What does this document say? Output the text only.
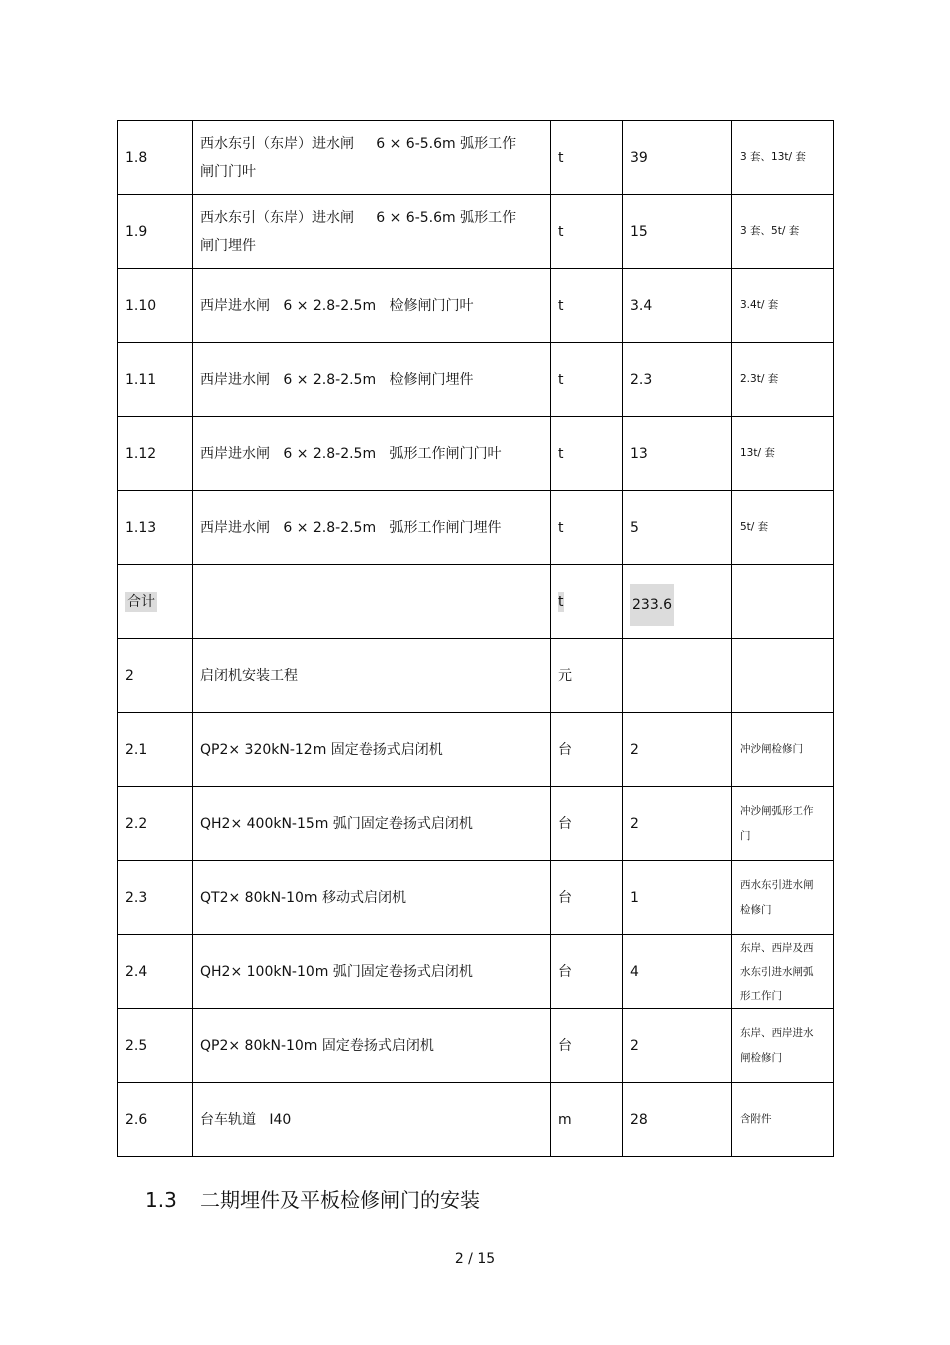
1.8	西水东引（东岸）进水闸     6 × 6-5.6m 弧形工作
闸门门叶	t	39	3 套、13t/ 套
1.9	西水东引（东岸）进水闸     6 × 6-5.6m 弧形工作
闸门埋件	t	15	3 套、5t/ 套
1.10	西岸进水闸   6 × 2.8-2.5m   检修闸门门叶	t	3.4	3.4t/ 套
1.11	西岸进水闸   6 × 2.8-2.5m   检修闸门埋件	t	2.3	2.3t/ 套
1.12	西岸进水闸   6 × 2.8-2.5m   弧形工作闸门门叶	t	13	13t/ 套
1.13	西岸进水闸   6 × 2.8-2.5m   弧形工作闸门埋件	t	5	5t/ 套
合计		t	233.6	
2	启闭机安装工程	元		
2.1	QP2× 320kN-12m 固定卷扬式启闭机	台	2	冲沙闸检修门
2.2	QH2× 400kN-15m 弧门固定卷扬式启闭机	台	2	冲沙闸弧形工作
门

2.3	QT2× 80kN-10m 移动式启闭机	台	1	西水东引进水闸
检修门

2.4	QH2× 100kN-10m 弧门固定卷扬式启闭机	台	4	东岸、西岸及西
水东引进水闸弧
形工作门

2.5	QP2× 80kN-10m 固定卷扬式启闭机	台	2	东岸、西岸进水
闸检修门

2.6	台车轨道   I40	m	28	含附件
1.3 二期埋件及平板检修闸门的安装
2 / 15
